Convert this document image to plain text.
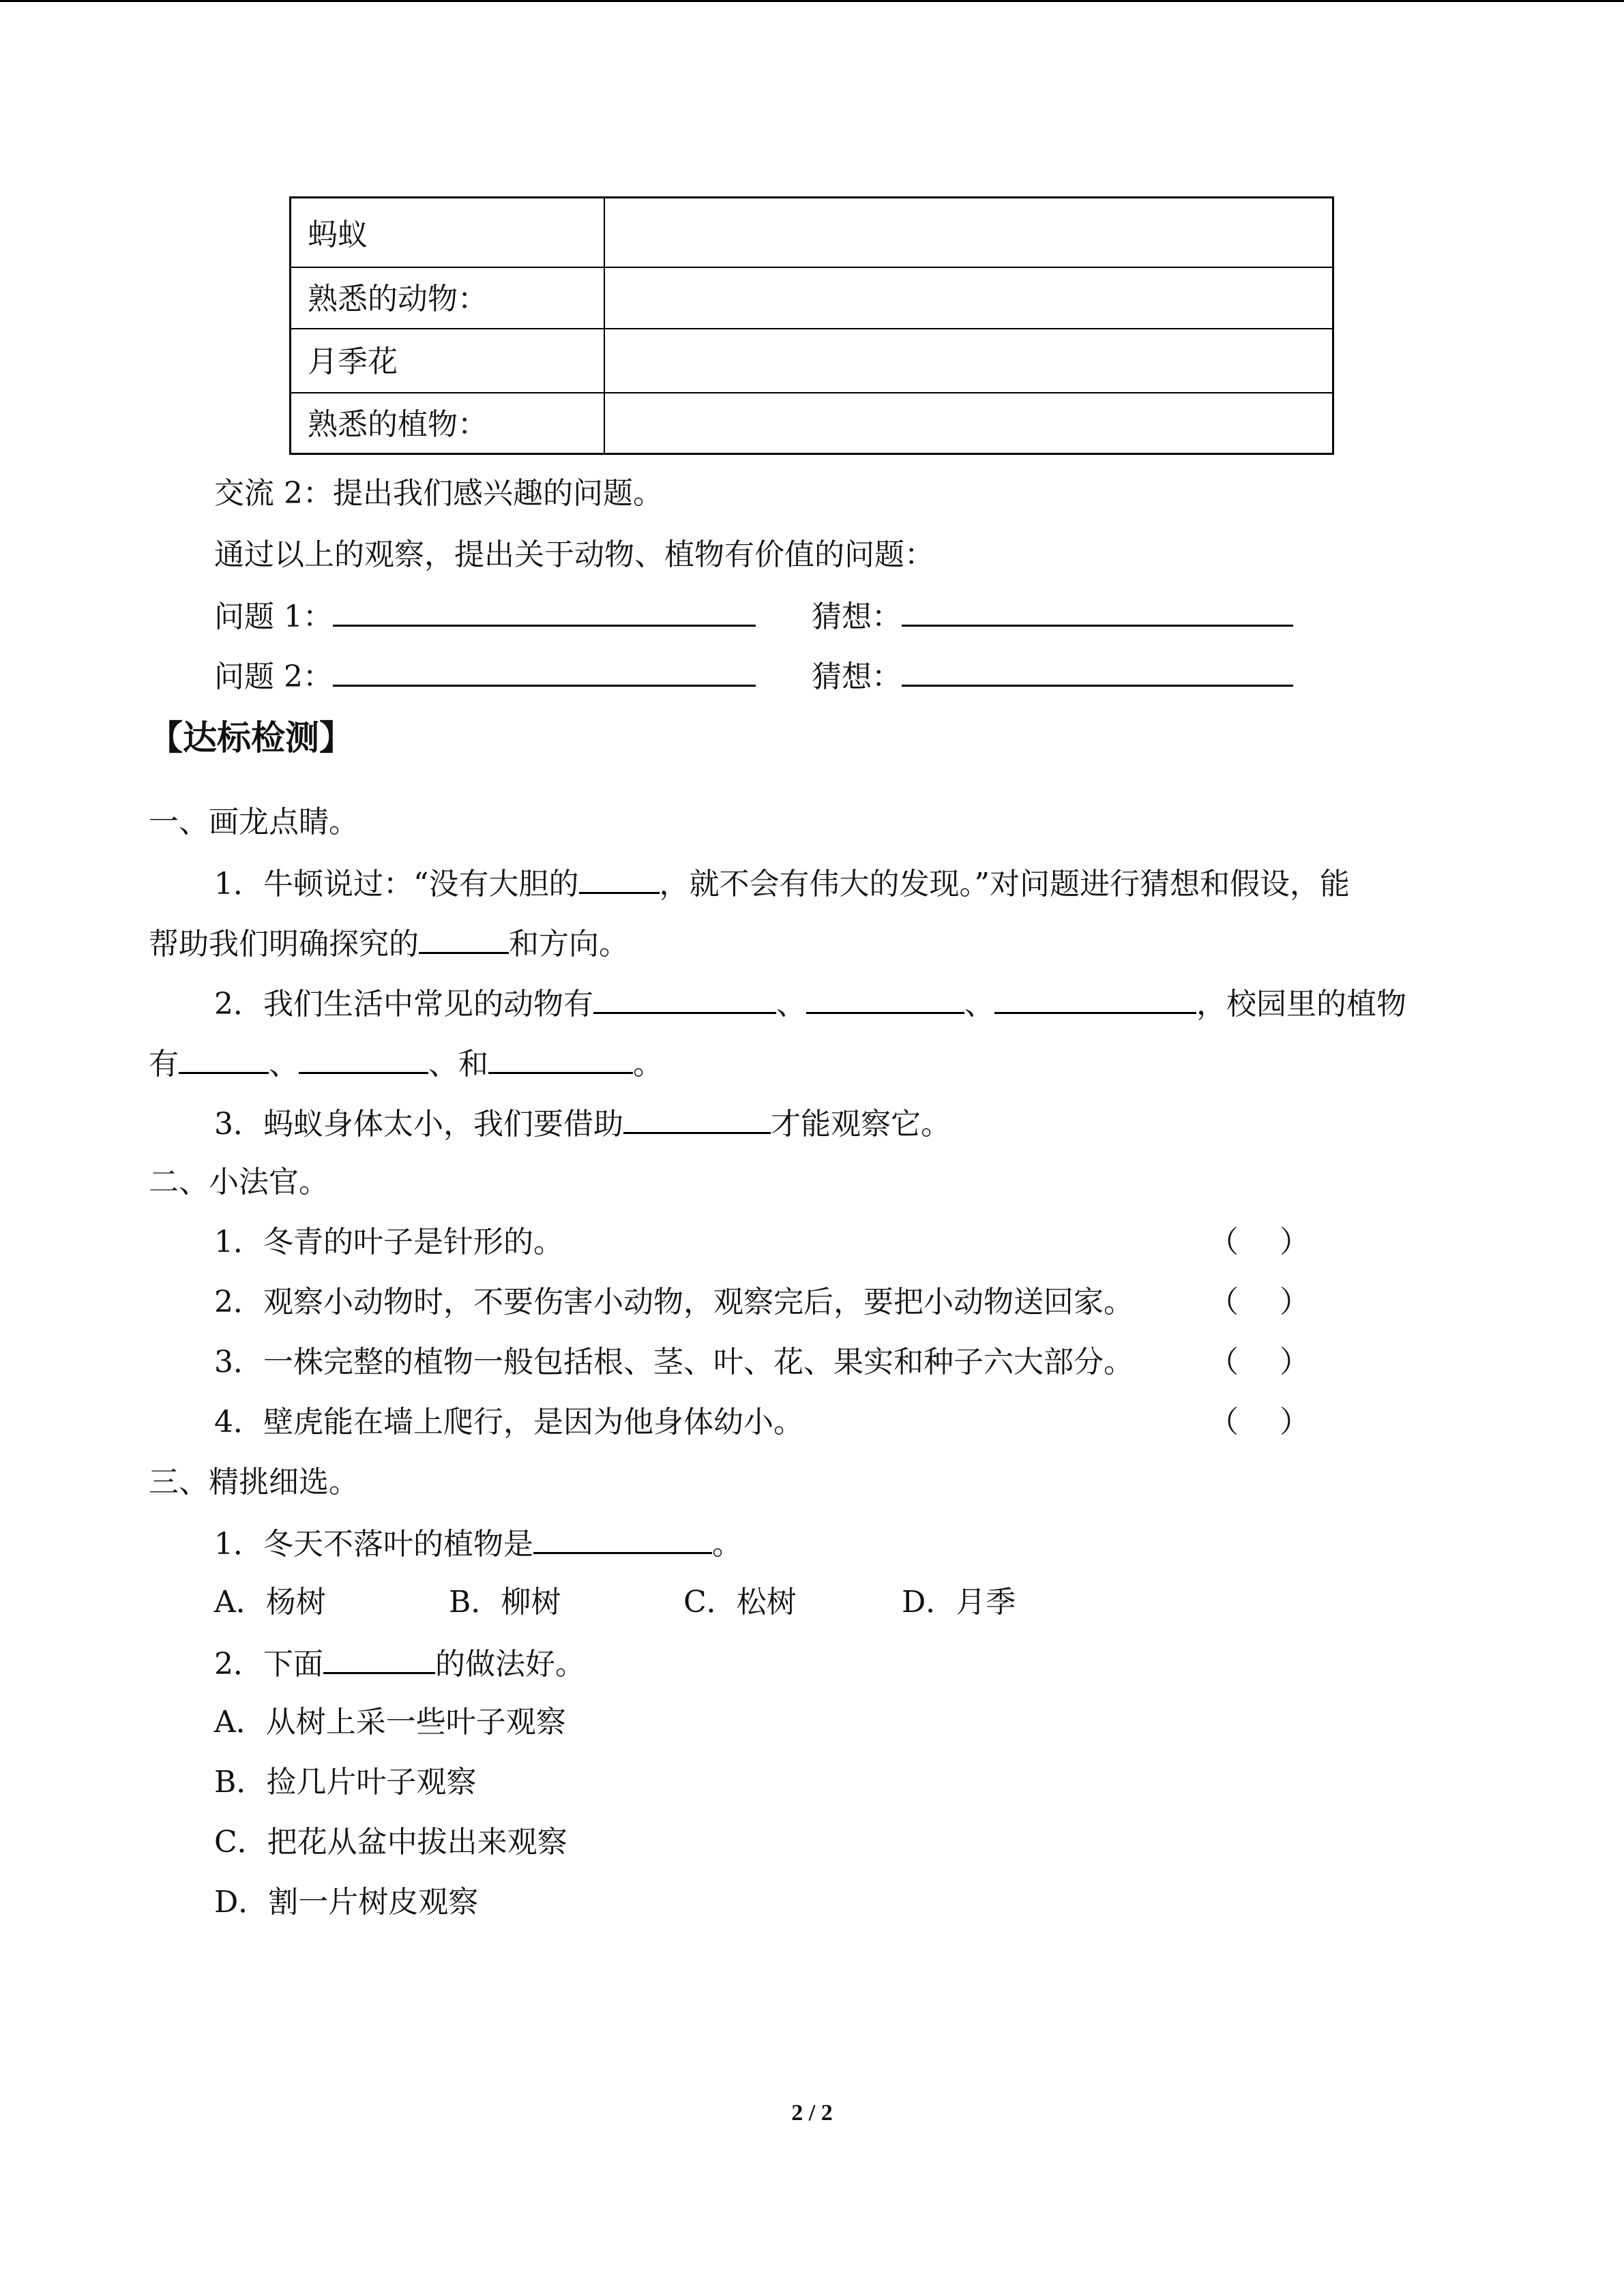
蚂蚁
熟悉的动物：
月季花
熟悉的植物：
交流 2：提出我们感兴趣的问题。
通过以上的观察，提出关于动物、植物有价值的问题：
问题 1：	猜想：
问题 2：	猜想：
【达标检测】
一、画龙点睛。
1．牛顿说过：“没有大胆的	，就不会有伟大的发现。”对问题进行猜想和假设，能
帮助我们明确探究的	和方向。
2．我们生活中常见的动物有	、	、	，校园里的植物
有	、	、和	。
3．蚂蚁身体太小，我们要借助	才能观察它。
二、小法官。
1．冬青的叶子是针形的。	（ ）
2．观察小动物时，不要伤害小动物，观察完后，要把小动物送回家。	（ ）
3．一株完整的植物一般包括根、茎、叶、花、果实和种子六大部分。	（ ）
4．壁虎能在墙上爬行，是因为他身体幼小。	（ ）
三、精挑细选。
1．冬天不落叶的植物是	。
A．杨树	B．柳树	C．松树	D．月季
2．下面	的做法好。
A．从树上采一些叶子观察
B．捡几片叶子观察
C．把花从盆中拔出来观察
D．割一片树皮观察
2 / 2
